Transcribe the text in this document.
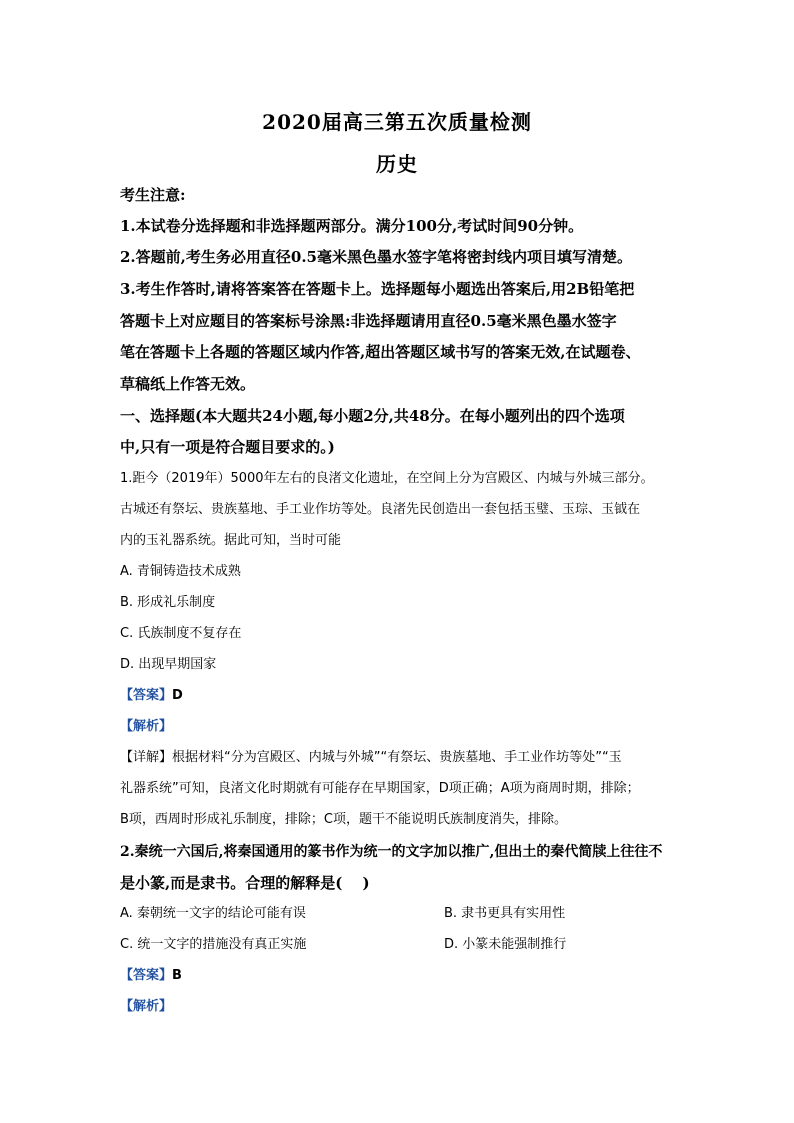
2020届高三第五次质量检测
历史
考生注意:
1.本试卷分选择题和非选择题两部分。满分100分,考试时间90分钟。
2.答题前,考生务必用直径0.5毫米黑色墨水签字笔将密封线内项目填写清楚。
3.考生作答时,请将答案答在答题卡上。选择题每小题选出答案后,用2B铅笔把
答题卡上对应题目的答案标号涂黑:非选择题请用直径0.5毫米黑色墨水签字
笔在答题卡上各题的答题区域内作答,超出答题区域书写的答案无效,在试题卷、
草稿纸上作答无效。
一、选择题(本大题共24小题,每小题2分,共48分。在每小题列出的四个选项
中,只有一项是符合题目要求的。)
1.距今（2019年）5000年左右的良渚文化遗址，在空间上分为宫殿区、内城与外城三部分。
古城还有祭坛、贵族墓地、手工业作坊等处。良渚先民创造出一套包括玉璧、玉琮、玉钺在
内的玉礼器系统。据此可知，当时可能
A. 青铜铸造技术成熟
B. 形成礼乐制度
C. 氏族制度不复存在
D. 出现早期国家
【答案】D
【解析】
【详解】根据材料“分为宫殿区、内城与外城”“有祭坛、贵族墓地、手工业作坊等处”“玉
礼器系统”可知，良渚文化时期就有可能存在早期国家，D项正确；A项为商周时期，排除；
B项，西周时形成礼乐制度，排除；C项，题干不能说明氏族制度消失，排除。
2.秦统一六国后,将秦国通用的篆书作为统一的文字加以推广,但出土的秦代简牍上往往不
是小篆,而是隶书。合理的解释是(　 )
A. 秦朝统一文字的结论可能有误	B. 隶书更具有实用性
C. 统一文字的措施没有真正实施	D. 小篆未能强制推行
【答案】B
【解析】
